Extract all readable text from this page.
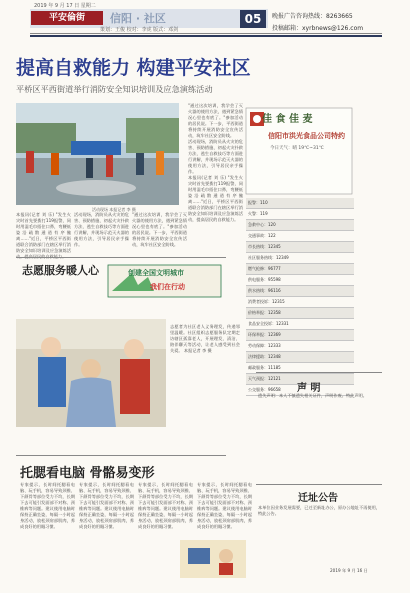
2019 年 9 月 17 日 星期二
平安倫街	信阳 · 社区
策划：王俊 校对：李虎 版式：邓剑
05	晚报广告咨询热线：8263665
投稿邮箱：xyrbnews@126.com
提高自救能力 构建平安社区
平桥区平西街道举行消防安全知识培训及应急演练活动
活动现场 本报记者 李 摄
本报讯(记者 刘 乐) "发生火灾时首先要拨打119报警，同时用湿毛巾捂住口鼻，弯腰低姿沿疏散通道有序撤离……"近日，平桥区平西街道联合消防部门在辖区举行消防安全知识培训及应急演练活
活动现场，消防员从火灾的危害、预防措施、初起火灾扑救方法、逃生自救技巧等方面进行讲解，并现场示范灭火器的使用方法，引导居民亲手操作。
"通过这次培训，我学会了灭火器的使用方法，遇到紧急情况心里也有底了。"参加活动的居民说。下一步，平西街道将持续开展消防安全宣传活动，筑牢社区安全防线。
"通过这次培训，我学会了灭火器的使用方法，遇到紧急情况心里也有底了。"参加活动的居民说。下一步，平西街道将持续开展消防安全宣传活动，筑牢社区安全防线。
活动现场，消防员从火灾的危害、预防措施、初起火灾扑救方法、逃生自救技巧等方面进行讲解，并现场示范灭火器的使用方法，引导居民亲手操作。
本报讯(记者 刘 乐) "发生火灾时首先要拨打119报警，同时用湿毛巾捂住口鼻，弯腰低姿沿疏散通道有序撤离……"近日，平桥区平西街道联合消防部门在辖区举行消防安全知识培训及应急演练活动，提高居民的自救能力。
佳 食 佳 麦
信阳市洪光食品公司特约
今日天气：晴 19℃~31℃
报警：110
火警：119
急救中心：120
交通事故：122
市长热线：12345
社区服务热线：12349
燃气抢修：96777
供电服务：95598
供水热线：96116
消费者投诉：12315
价格举报：12358
食品安全投诉：12331
环保举报：12369
劳动保障：12333
法律援助：12348
邮政服务：11185
天气预报：12121
公交服务：96658
志愿服务暖人心	创建全国文明城市
我们在行动
志愿者为社区老人义务理发，传递邻里温暖。社区组织志愿服务队定期走访辖区孤寡老人，开展理发、清洁、陪伴聊天等活动，让老人感受到社会关爱。 本报记者 李 摄
托腮看电脑 骨骼易变形
专家提示，长时间托腮看电脑、玩手机，容易导致颈椎、下颌骨等部位受力不均，长期下去可能引发面部不对称、颈椎病等问题。建议使用电脑时保持正确坐姿，每隔一小时起身活动，放松颈肩部肌肉，养成良好的用眼习惯。
专家提示，长时间托腮看电脑、玩手机，容易导致颈椎、下颌骨等部位受力不均，长期下去可能引发面部不对称、颈椎病等问题。建议使用电脑时保持正确坐姿，每隔一小时起身活动，放松颈肩部肌肉，养成良好的用眼习惯。
专家提示，长时间托腮看电脑、玩手机，容易导致颈椎、下颌骨等部位受力不均，长期下去可能引发面部不对称、颈椎病等问题。建议使用电脑时保持正确坐姿，每隔一小时起身活动，放松颈肩部肌肉，养成良好的用眼习惯。
专家提示，长时间托腮看电脑、玩手机，容易导致颈椎、下颌骨等部位受力不均，长期下去可能引发面部不对称、颈椎病等问题。建议使用电脑时保持正确坐姿，每隔一小时起身活动，放松颈肩部肌肉，养成良好的用眼习惯。
声 明
遗失声明：本人不慎遗失相关证件，声明作废。特此声明。
迁址公告
本单位因业务发展需要，已迁至新址办公，原办公地址不再使用，特此公告。
2019 年 9 月 16 日
